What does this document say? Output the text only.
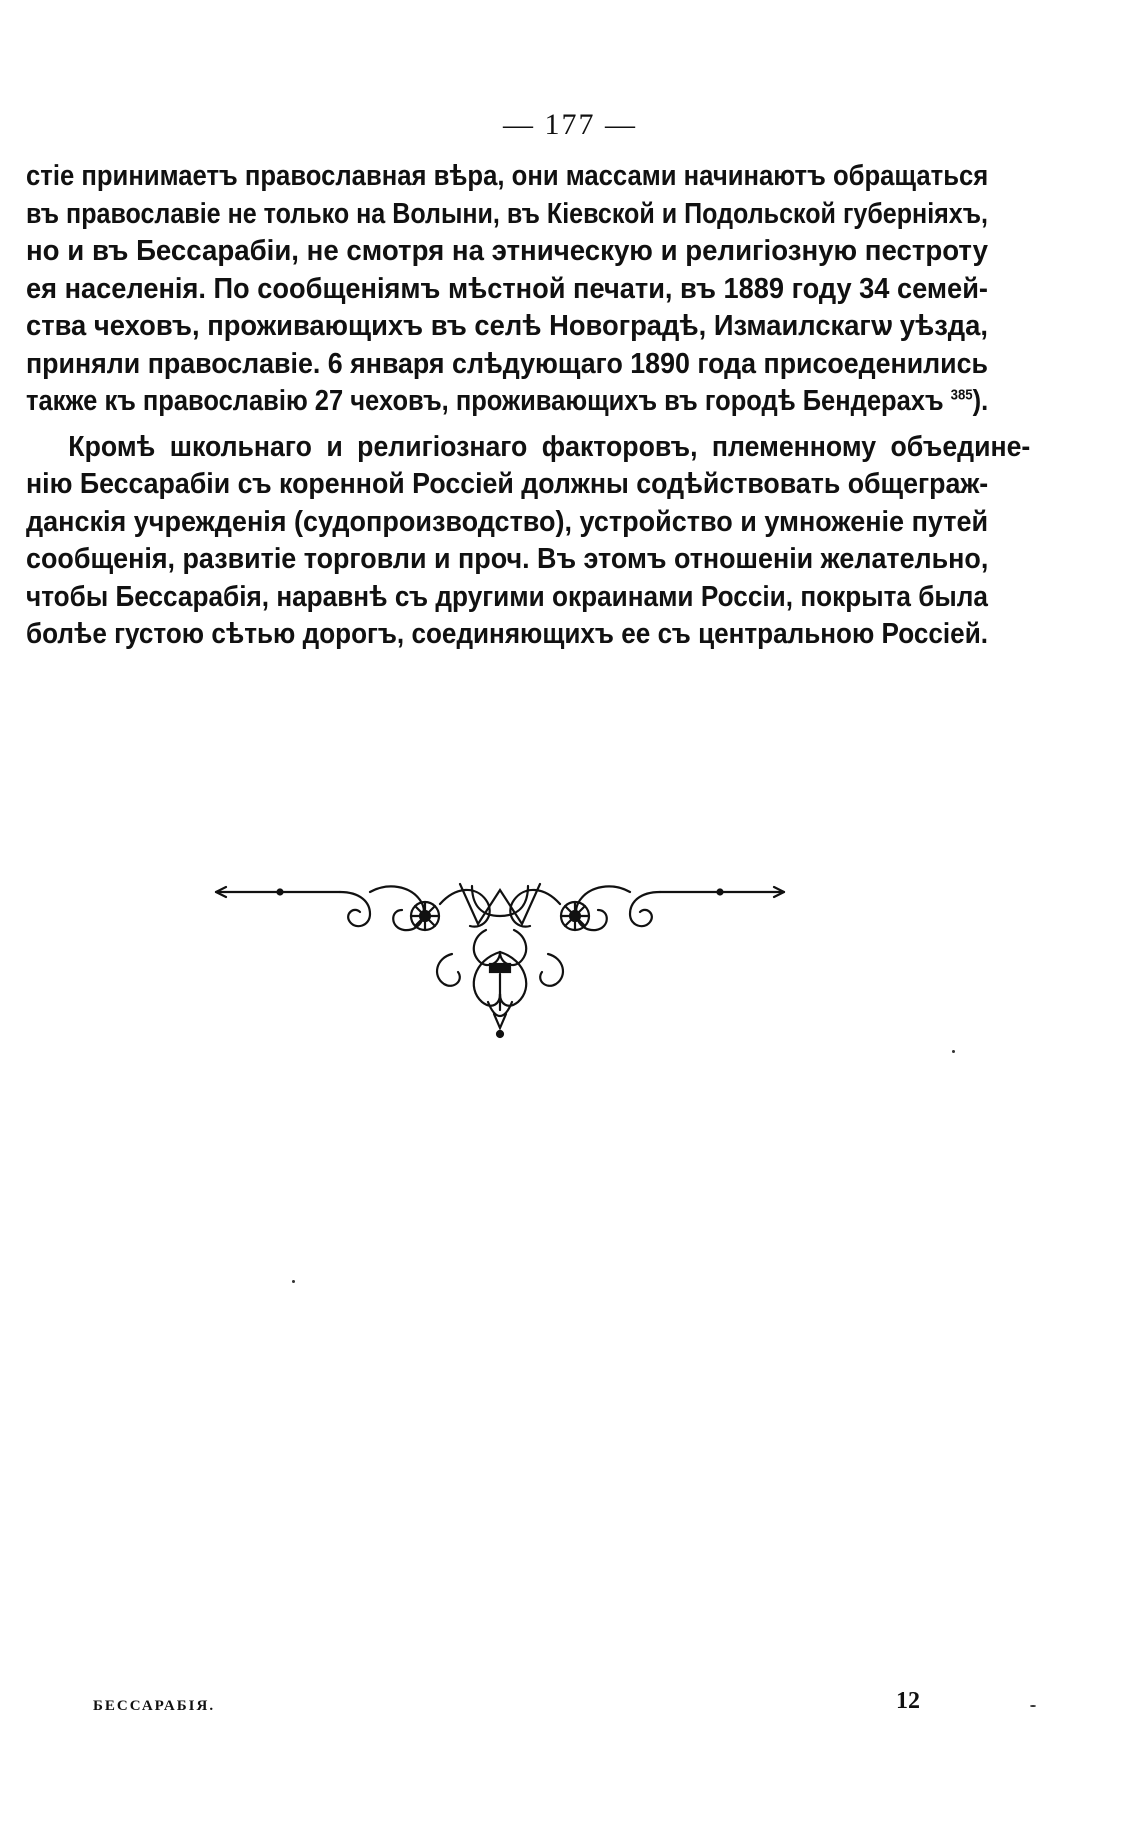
— 177 —
стіе принимаетъ православная вѣра, они массами начинаютъ обращаться
въ православіе не только на Волыни, въ Кіевской и Подольской губерніяхъ,
но и въ Бессарабіи, не смотря на этническую и религіозную пестроту
ея населенія. По сообщеніямъ мѣстной печати, въ 1889 году 34 семей-
ства чеховъ, проживающихъ въ селѣ Новоградѣ, Измаилскагѡ уѣзда,
приняли православіе. 6 января слѣдующаго 1890 года присоеденились
также къ православію 27 чеховъ, проживающихъ въ городѣ Бендерахъ $^{385}$).
Кромѣ школьнаго и религіознаго факторовъ, племенному объедине-
нію Бессарабіи съ коренной Россіей должны содѣйствовать общеграж-
данскія учрежденія (судопроизводство), устройство и умноженіе путей
сообщенія, развитіе торговли и проч. Въ этомъ отношеніи желательно,
чтобы Бессарабія, наравнѣ съ другими окраинами Россіи, покрыта была
болѣе густою сѣтью дорогъ, соединяющихъ ее съ центральною Россіей.
БЕССАРАБІЯ.	12
